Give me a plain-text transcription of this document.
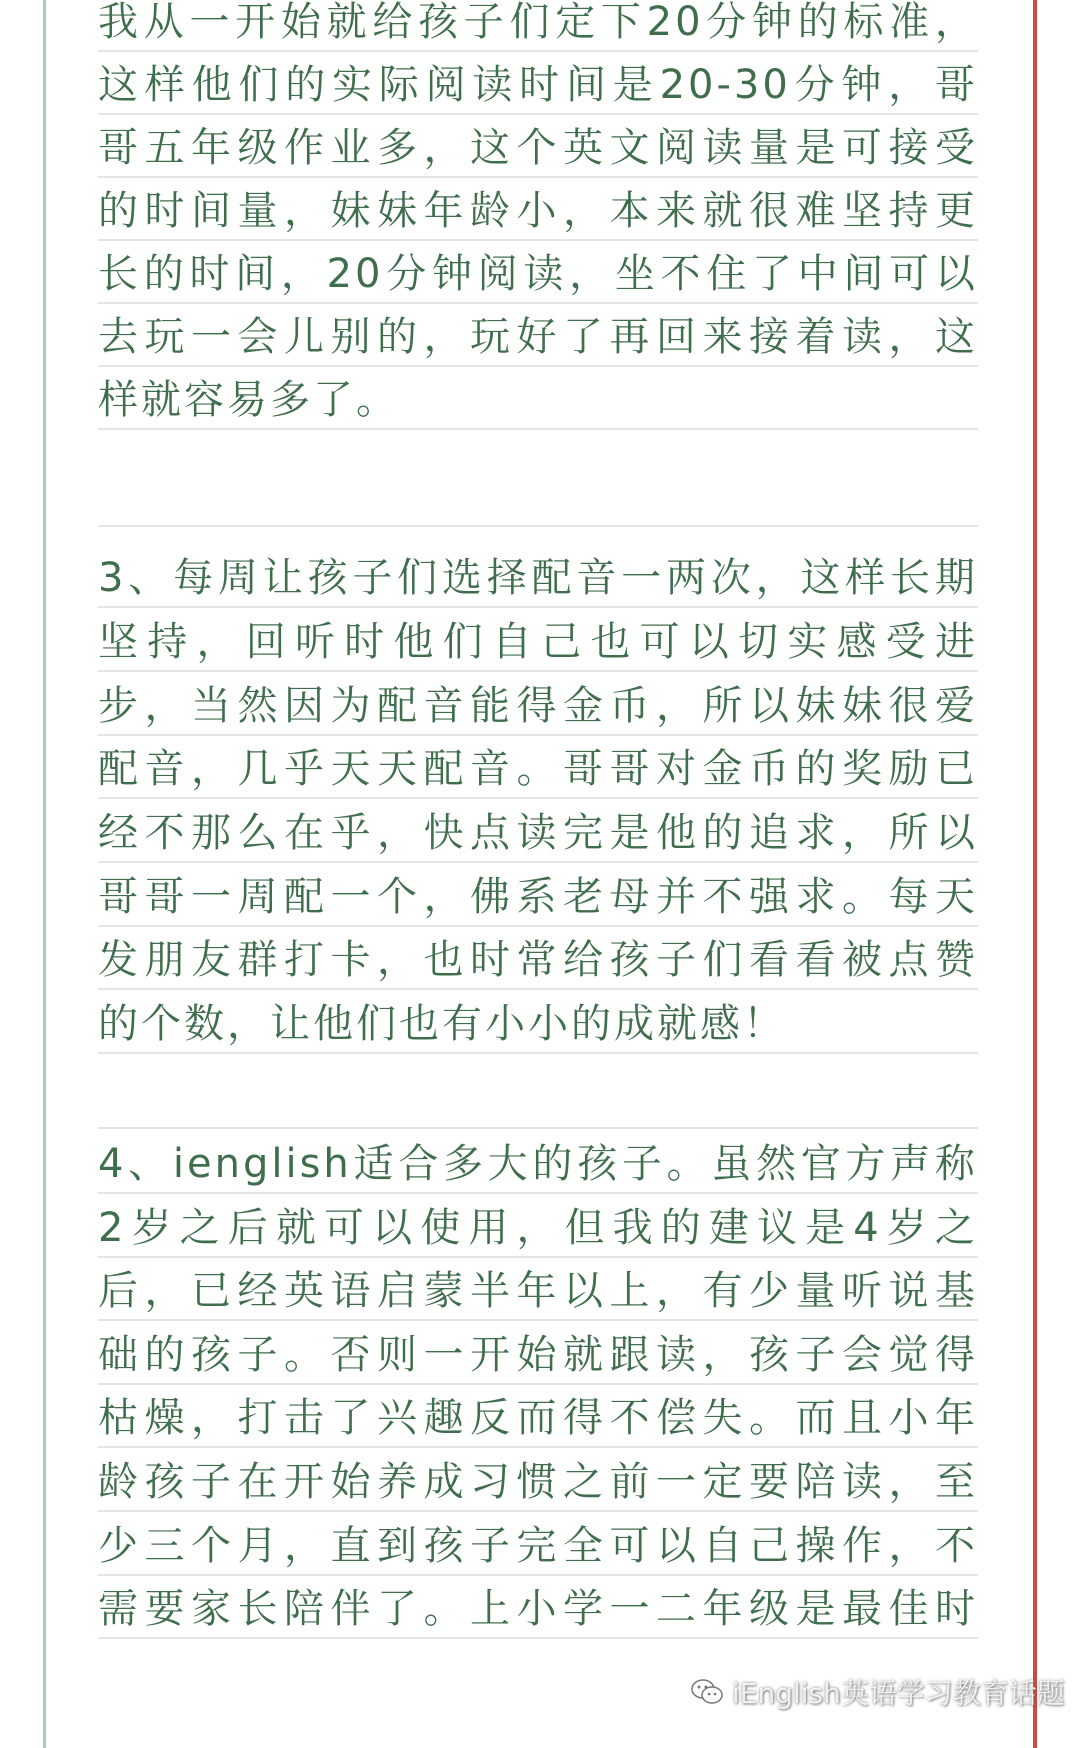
我 从 一 开 始 就 给 孩 子 们 定 下 20 分 钟 的 标 准 ，
这 样 他 们 的 实 际 阅 读 时 间 是 20-30 分 钟 ， 哥
哥 五 年 级 作 业 多 ， 这 个 英 文 阅 读 量 是 可 接 受
的 时 间 量 ， 妹 妹 年 龄 小 ， 本 来 就 很 难 坚 持 更
长 的 时 间 ， 20 分 钟 阅 读 ， 坐 不 住 了 中 间 可 以
去 玩 一 会 儿 别 的 ， 玩 好 了 再 回 来 接 着 读 ， 这
样就容易多了。
3 、 每 周 让 孩 子 们 选 择 配 音 一 两 次 ， 这 样 长 期
坚 持 ， 回 听 时 他 们 自 己 也 可 以 切 实 感 受 进
步 ， 当 然 因 为 配 音 能 得 金 币 ， 所 以 妹 妹 很 爱
配 音 ， 几 乎 天 天 配 音 。 哥 哥 对 金 币 的 奖 励 已
经 不 那 么 在 乎 ， 快 点 读 完 是 他 的 追 求 ， 所 以
哥 哥 一 周 配 一 个 ， 佛 系 老 母 并 不 强 求 。 每 天
发 朋 友 群 打 卡 ， 也 时 常 给 孩 子 们 看 看 被 点 赞
的个数，让他们也有小小的成就感！
4 、 ienglish 适 合 多 大 的 孩 子 。 虽 然 官 方 声 称
2 岁 之 后 就 可 以 使 用 ， 但 我 的 建 议 是 4 岁 之
后 ， 已 经 英 语 启 蒙 半 年 以 上 ， 有 少 量 听 说 基
础 的 孩 子 。 否 则 一 开 始 就 跟 读 ， 孩 子 会 觉 得
枯 燥 ， 打 击 了 兴 趣 反 而 得 不 偿 失 。 而 且 小 年
龄 孩 子 在 开 始 养 成 习 惯 之 前 一 定 要 陪 读 ， 至
少 三 个 月 ， 直 到 孩 子 完 全 可 以 自 己 操 作 ， 不
需 要 家 长 陪 伴 了 。 上 小 学 一 二 年 级 是 最 佳 时
iEnglish英语学习教育话题
